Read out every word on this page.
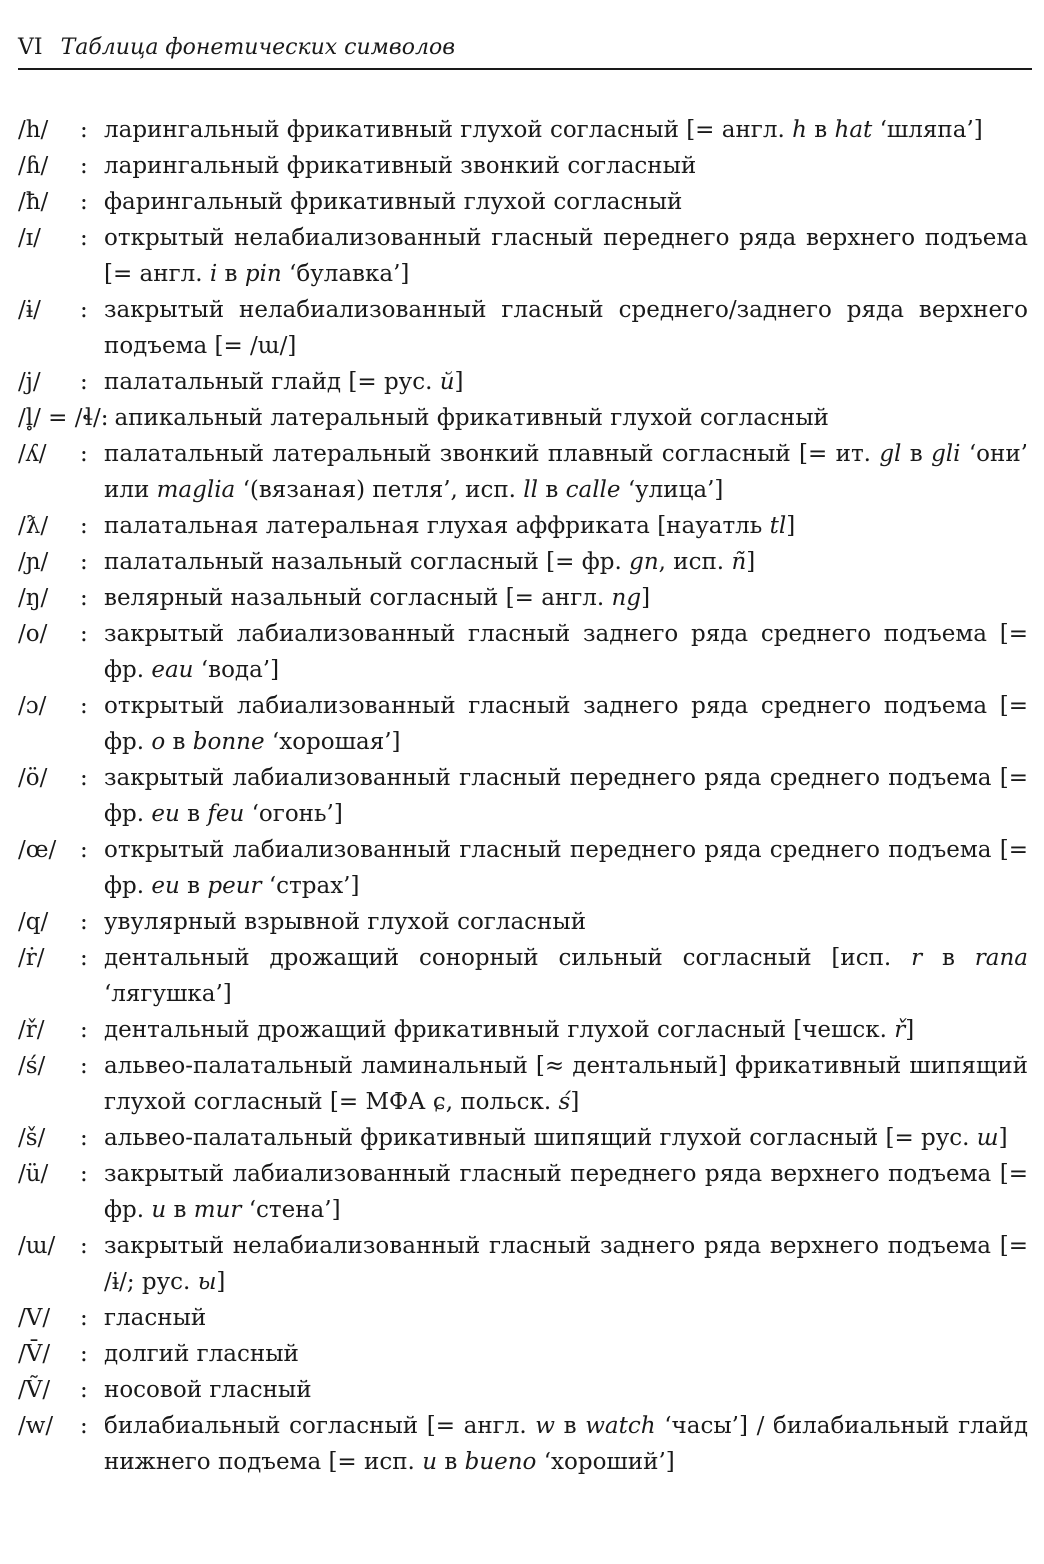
VI Таблица фонетических символов
/h/	: ларингальный фрикативный глухой согласный [= англ. h в hat ‘шляпа’]
/ɦ/	: ларингальный фрикативный звонкий согласный
/ħ/	: фарингальный фрикативный глухой согласный
/ɪ/	: открытый нелабиализованный гласный переднего ряда верхнего подъема [= англ. i в pin ‘булавка’]
/ɨ/	: закрытый нелабиализованный гласный среднего/заднего ряда верхнего подъема [= /ɯ/]
/j/	: палатальный глайд [= рус. й]
/l̥/ = /ɬ/: апикальный латеральный фрикативный глухой согласный
/ʎ/	: палатальный латеральный звонкий плавный согласный [= ит. gl в gli ‘они’ или maglia ‘(вязаная) петля’, исп. ll в calle ‘улица’]
/ƛ/	: палатальная латеральная глухая аффриката [науатль tl]
/ɲ/	: палатальный назальный согласный [= фр. gn, исп. ñ]
/ŋ/	: велярный назальный согласный [= англ. ng]
/o/	: закрытый лабиализованный гласный заднего ряда среднего подъема [= фр. eau ‘вода’]
/ɔ/	: открытый лабиализованный гласный заднего ряда среднего подъема [= фр. o в bonne ‘хорошая’]
/ö/	: закрытый лабиализованный гласный переднего ряда среднего подъема [= фр. eu в feu ‘огонь’]
/œ/	: открытый лабиализованный гласный переднего ряда среднего подъема [= фр. eu в peur ‘страх’]
/q/	: увулярный взрывной глухой согласный
/ṙ/	: дентальный дрожащий сонорный сильный согласный [исп. r в rana ‘лягушка’]
/ř/	: дентальный дрожащий фрикативный глухой согласный [чешск. ř]
/ś/	: альвео-палатальный ламинальный [≈ дентальный] фрикативный шипящий глухой согласный [= МФА ɕ, польск. ś]
/š/	: альвео-палатальный фрикативный шипящий глухой согласный [= рус. ш]
/ü/	: закрытый лабиализованный гласный переднего ряда верхнего подъема [= фр. u в mur ‘стена’]
/ɯ/	: закрытый нелабиализованный гласный заднего ряда верхнего подъема [= /ɨ/; рус. ы]
/V/	: гласный
/V̄/	: долгий гласный
/Ṽ/	: носовой гласный
/w/	: билабиальный согласный [= англ. w в watch ‘часы’] / билабиальный глайд нижнего подъема [= исп. u в bueno ‘хороший’]
